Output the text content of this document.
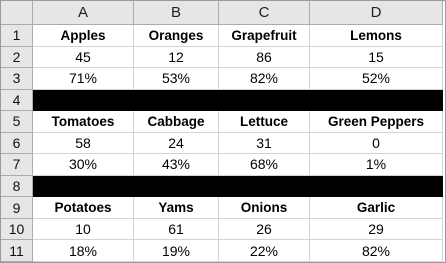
A	B	C	D
1	Apples	Oranges	Grapefruit	Lemons
2	45	12	86	15
3	71%	53%	82%	52%
4
5	Tomatoes	Cabbage	Lettuce	Green Peppers
6	58	24	31	0
7	30%	43%	68%	1%
8
9	Potatoes	Yams	Onions	Garlic
10	10	61	26	29
11	18%	19%	22%	82%
